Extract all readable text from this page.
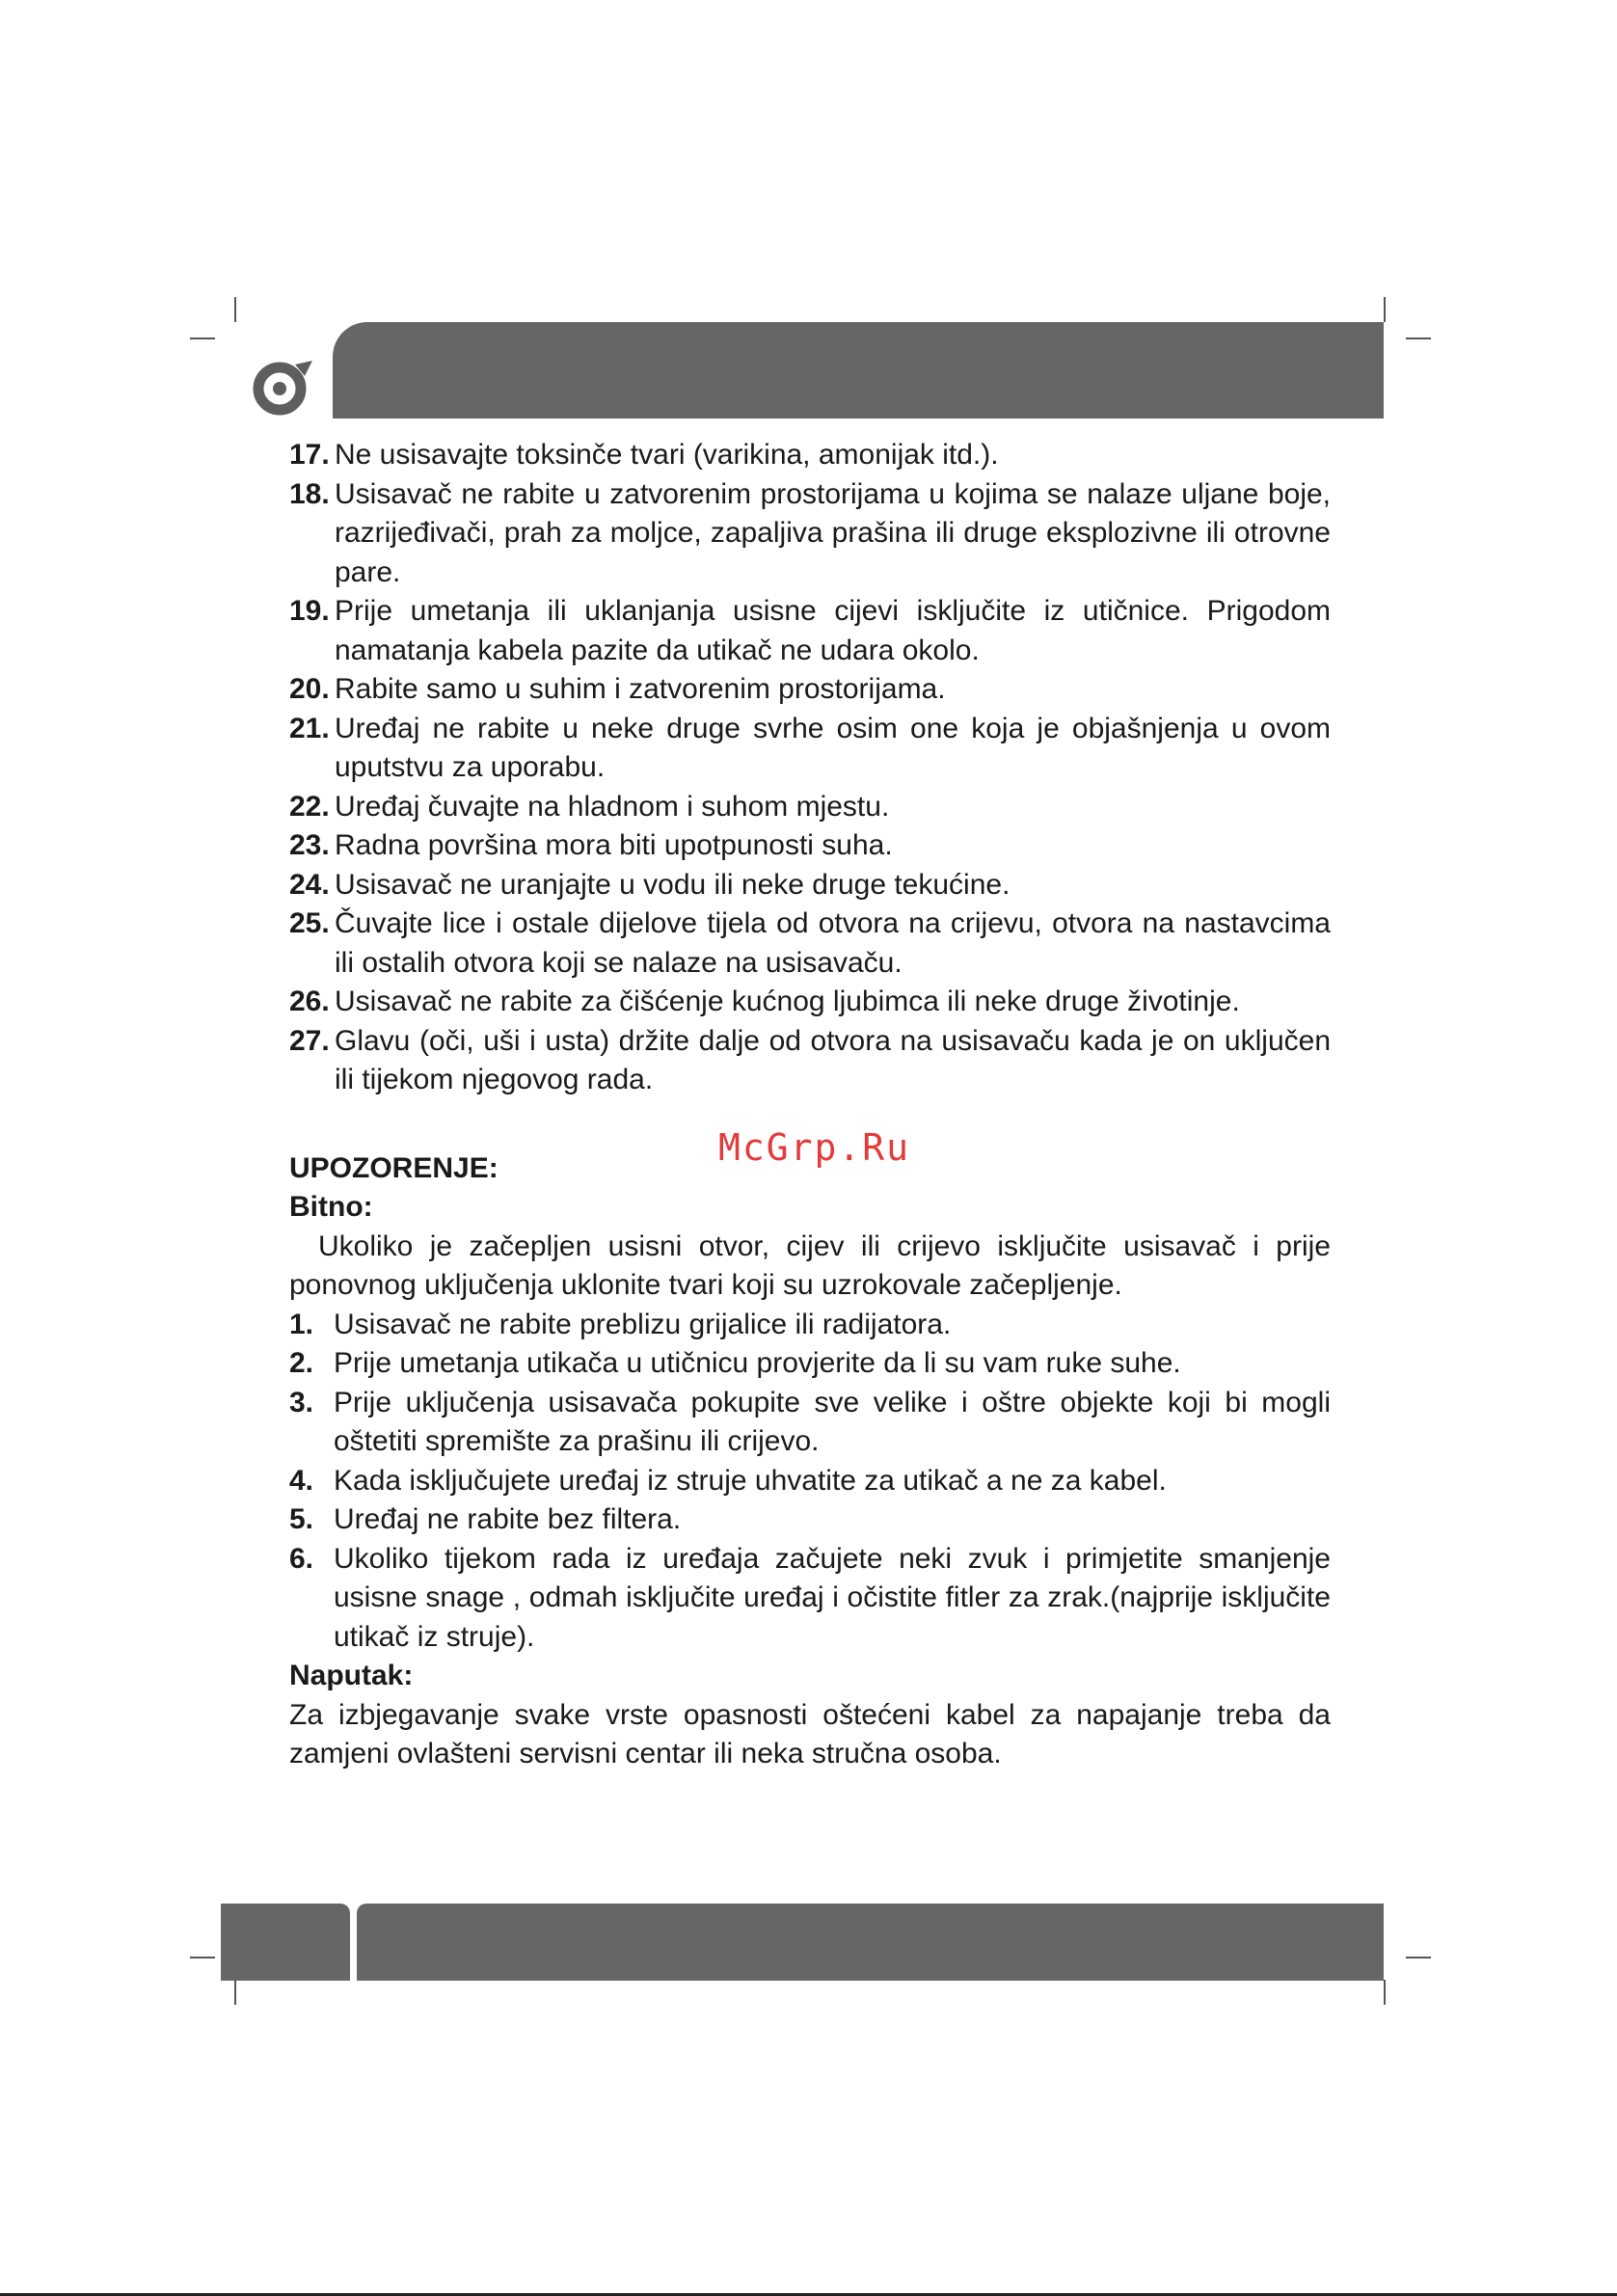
17. Ne usisavajte toksinče tvari (varikina, amonijak itd.).
18. Usisavač ne rabite u zatvorenim prostorijama u kojima se nalaze uljane boje, razrijeđivači, prah za moljce, zapaljiva prašina ili druge eksplozivne ili otrovne pare.
19. Prije umetanja ili uklanjanja usisne cijevi isključite iz utičnice. Prigodom namatanja kabela pazite da utikač ne udara okolo.
20. Rabite samo u suhim i zatvorenim prostorijama.
21. Uređaj ne rabite u neke druge svrhe osim one koja je objašnjenja u ovom uputstvu za uporabu.
22. Uređaj čuvajte na hladnom i suhom mjestu.
23. Radna površina mora biti upotpunosti suha.
24. Usisavač ne uranjajte u vodu ili neke druge tekućine.
25. Čuvajte lice i ostale dijelove tijela od otvora na crijevu, otvora na nastavcima ili ostalih otvora koji se nalaze na usisavaču.
26. Usisavač ne rabite za čišćenje kućnog ljubimca ili neke druge životinje.
27. Glavu (oči, uši i usta) držite dalje od otvora na usisavaču kada je on uključen ili tijekom njegovog rada.
UPOZORENJE:
Bitno:
Ukoliko je začepljen usisni otvor, cijev ili crijevo isključite usisavač i prije ponovnog uključenja uklonite tvari koji su uzrokovale začepljenje.
1. Usisavač ne rabite preblizu grijalice ili radijatora.
2. Prije umetanja utikača u utičnicu provjerite da li su vam ruke suhe.
3. Prije uključenja usisavača pokupite sve velike i oštre objekte koji bi mogli oštetiti spremište za prašinu ili crijevo.
4. Kada isključujete uređaj iz struje uhvatite za utikač a ne za kabel.
5. Uređaj ne rabite bez filtera.
6. Ukoliko tijekom rada iz uređaja začujete neki zvuk i primjetite smanjenje usisne snage , odmah isključite uređaj i očistite fitler za zrak.(najprije isključite utikač iz struje).
Naputak:
Za izbjegavanje svake vrste opasnosti oštećeni kabel za napajanje treba da zamjeni ovlašteni servisni centar ili neka stručna osoba.
McGrp.Ru
